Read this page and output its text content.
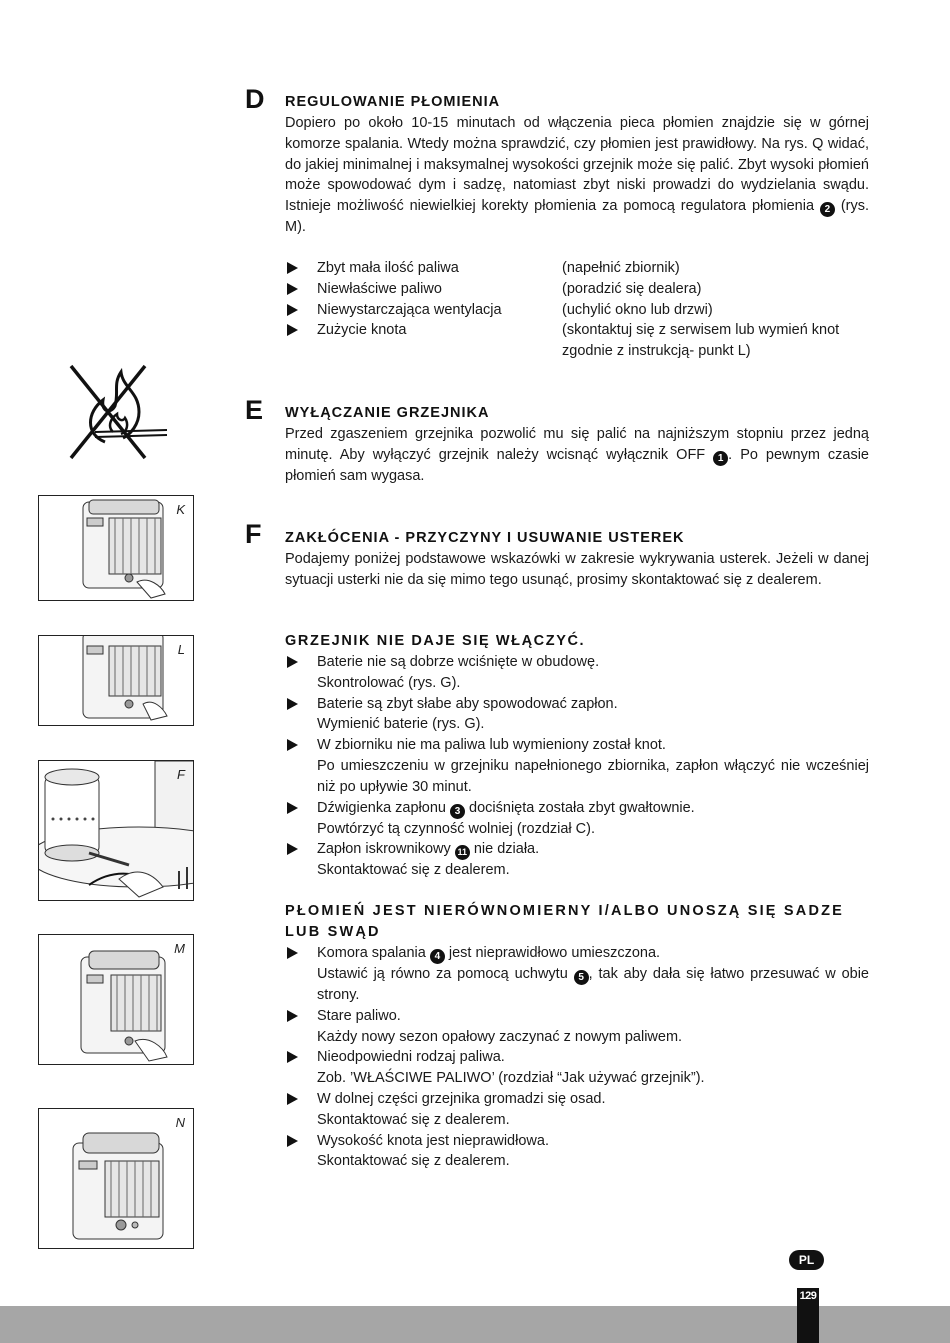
K
L
F
M
N
D REGULOWANIE PŁOMIENIA

Dopiero po około 10-15 minutach od włączenia pieca płomien znajdzie się w górnej komorze spalania. Wtedy można sprawdzić, czy płomien jest prawidłowy. Na rys. Q widać, do jakiej minimalnej i maksymalnej wysokości grzejnik może się palić. Zbyt wysoki płomień może spowodować dym i sadzę, natomiast zbyt niski prowadzi do wydzielania swądu. Istnieje możliwość niewielkiej korekty płomienia za pomocą regulatora płomienia 2 (rys. M).

Zbyt mała ilość paliwa	(napełnić zbiornik)
Niewłaściwe paliwo	(poradzić się dealera)
Niewystarczająca wentylacja	(uchylić okno lub drzwi)
Zużycie knota	(skontaktuj się z serwisem lub wymień knot zgodnie z instrukcją- punkt L)
E WYŁĄCZANIE GRZEJNIKA

Przed zgaszeniem grzejnika pozwolić mu się palić na najniższym stopniu przez jedną minutę. Aby wyłączyć grzejnik należy wcisnąć wyłącznik OFF 1 . Po pewnym czasie płomień sam wygasa.

F ZAKŁÓCENIA - PRZYCZYNY I USUWANIE USTEREK

Podajemy poniżej podstawowe wskazówki w zakresie wykrywania usterek. Jeżeli w danej sytuacji usterki nie da się mimo tego usunąć, prosimy skontaktować się z dealerem.

GRZEJNIK NIE DAJE SIĘ WŁĄCZYĆ.
Baterie nie są dobrze wciśnięte w obudowę.
Skontrolować (rys. G).
Baterie są zbyt słabe aby spowodować zapłon.
Wymienić baterie (rys. G).
W zbiorniku nie ma paliwa lub wymieniony został knot.
Po umieszczeniu w grzejniku napełnionego zbiornika, zapłon włączyć nie wcześniej niż po upływie 30 minut.
Dźwigienka zapłonu 3 dociśnięta została zbyt gwałtownie.
Powtórzyć tą czynność wolniej (rozdział C).
Zapłon iskrownikowy 11 nie działa.
Skontaktować się z dealerem.
PŁOMIEŃ JEST NIERÓWNOMIERNY I/ALBO UNOSZĄ SIĘ SADZE LUB SWĄD
Komora spalania 4 jest nieprawidłowo umieszczona.
Ustawić ją równo za pomocą uchwytu 5 , tak aby dała się łatwo przesuwać w obie strony.
Stare paliwo.
Każdy nowy sezon opałowy zaczynać z nowym paliwem.
Nieodpowiedni rodzaj paliwa.
Zob. ’WŁAŚCIWE PALIWO’ (rozdział “Jak używać grzejnik”).
W dolnej części grzejnika gromadzi się osad.
Skontaktować się z dealerem.
Wysokość knota jest nieprawidłowa.
Skontaktować się z dealerem.
PL
129
